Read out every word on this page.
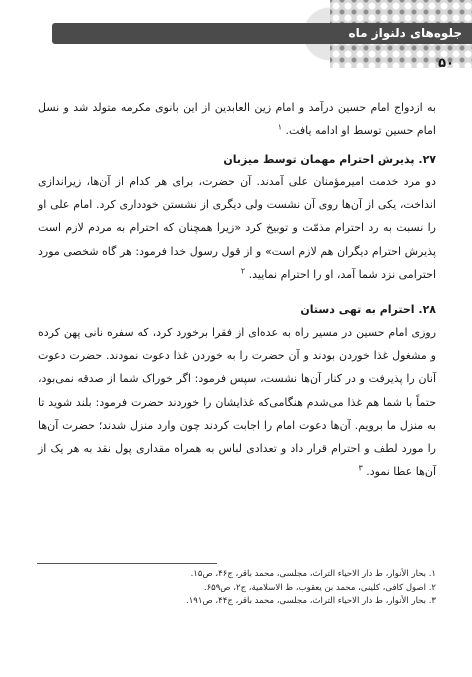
جلوه‌های دلنواز ماه
۵۰

به ازدواج امام حسین درآمد و امام زین العابدین از این بانوی مکرمه متولد شد و نسل امام حسین توسط او ادامه یافت. $^۱$

۲۷. پذیرش احترام مهمان توسط میزبان

دو مرد خدمت امیرمؤمنان علی آمدند. آن حضرت، برای هر کدام از آن‌ها، زیراندازی انداخت، یکی از آن‌ها روی آن نشست ولی دیگری از نشستن خودداری کرد. امام علی او را نسبت به رد احترام مذمّت و توبیخ کرد «زیرا همچنان که احترام به مردم لازم است پذیرش احترام دیگران هم لازم است» و از قول رسول خدا فرمود: هر گاه شخصی مورد احترامی نزد شما آمد، او را احترام نمایید. $^۲$

۲۸. احترام به تهی دستان

روزی امام حسین در مسیر راه به عده‌ای از فقرا برخورد کرد، که سفره نانی پهن کرده و مشغول غذا خوردن بودند و آن حضرت را به خوردن غذا دعوت نمودند. حضرت دعوت آنان را پذیرفت و در کنار آن‌ها نشست، سپس فرمود: اگر خوراک شما از صدقه نمی‌بود، حتماً با شما هم غذا می‌شدم هنگامی‌که غذایشان را خوردند حضرت فرمود: بلند شوید تا به منزل ما برویم. آن‌ها دعوت امام را اجابت کردند چون وارد منزل شدند؛ حضرت آن‌ها را مورد لطف و احترام قرار داد و تعدادی لباس به همراه مقداری پول نقد به هر یک از آن‌ها عطا نمود. $^۳$

۱. بحار الأنوار، ط دار الاحیاء التراث، مجلسی، محمد باقر، ج۴۶، ص۱۵.

۲. اصول کافی، کلینی، محمد بن یعقوب، ط الاسلامیة، ج۲، ص۶۵۹.

۳. بحار الأنوار، ط دار الاحیاء التراث، مجلسی، محمد باقر، ج۴۴، ص۱۹۱.
